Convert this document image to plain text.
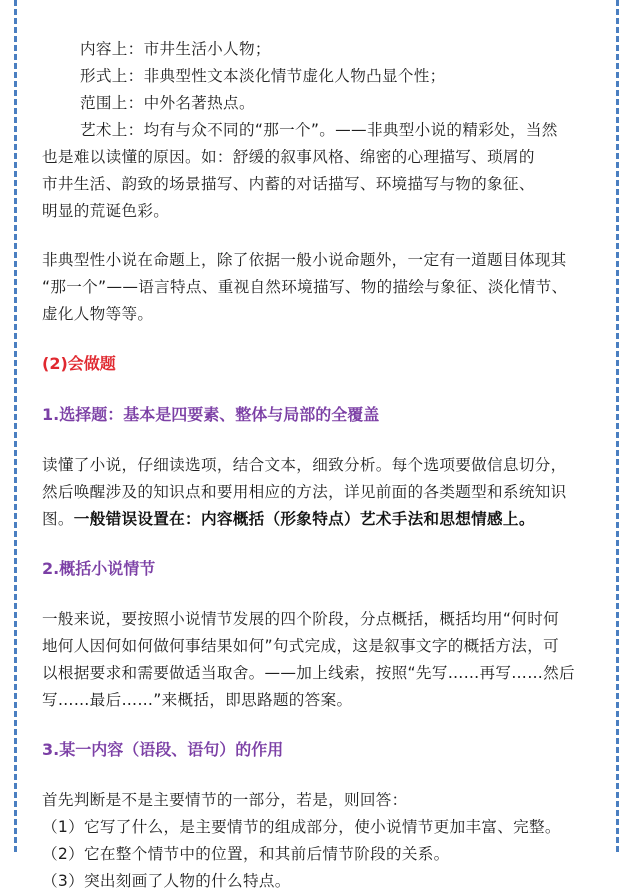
内容上：市井生活小人物；
形式上：非典型性文本淡化情节虚化人物凸显个性；
范围上：中外名著热点。
艺术上：均有与众不同的“那一个”。——非典型小说的精彩处，当然
也是难以读懂的原因。如：舒缓的叙事风格、绵密的心理描写、琐屑的
市井生活、韵致的场景描写、内蓄的对话描写、环境描写与物的象征、
明显的荒诞色彩。
非典型性小说在命题上，除了依据一般小说命题外，一定有一道题目体现其
“那一个”——语言特点、重视自然环境描写、物的描绘与象征、淡化情节、
虚化人物等等。
(2)会做题
1.选择题：基本是四要素、整体与局部的全覆盖
读懂了小说，仔细读选项，结合文本，细致分析。每个选项要做信息切分，
然后唤醒涉及的知识点和要用相应的方法，详见前面的各类题型和系统知识
图。一般错误设置在：内容概括（形象特点）艺术手法和思想情感上。
2.概括小说情节
一般来说，要按照小说情节发展的四个阶段，分点概括，概括均用“何时何
地何人因何如何做何事结果如何”句式完成，这是叙事文字的概括方法，可
以根据要求和需要做适当取舍。——加上线索，按照“先写……再写……然后
写……最后……”来概括，即思路题的答案。
3.某一内容（语段、语句）的作用
首先判断是不是主要情节的一部分，若是，则回答：
（1）它写了什么，是主要情节的组成部分，使小说情节更加丰富、完整。
（2）它在整个情节中的位置，和其前后情节阶段的关系。
（3）突出刻画了人物的什么特点。
